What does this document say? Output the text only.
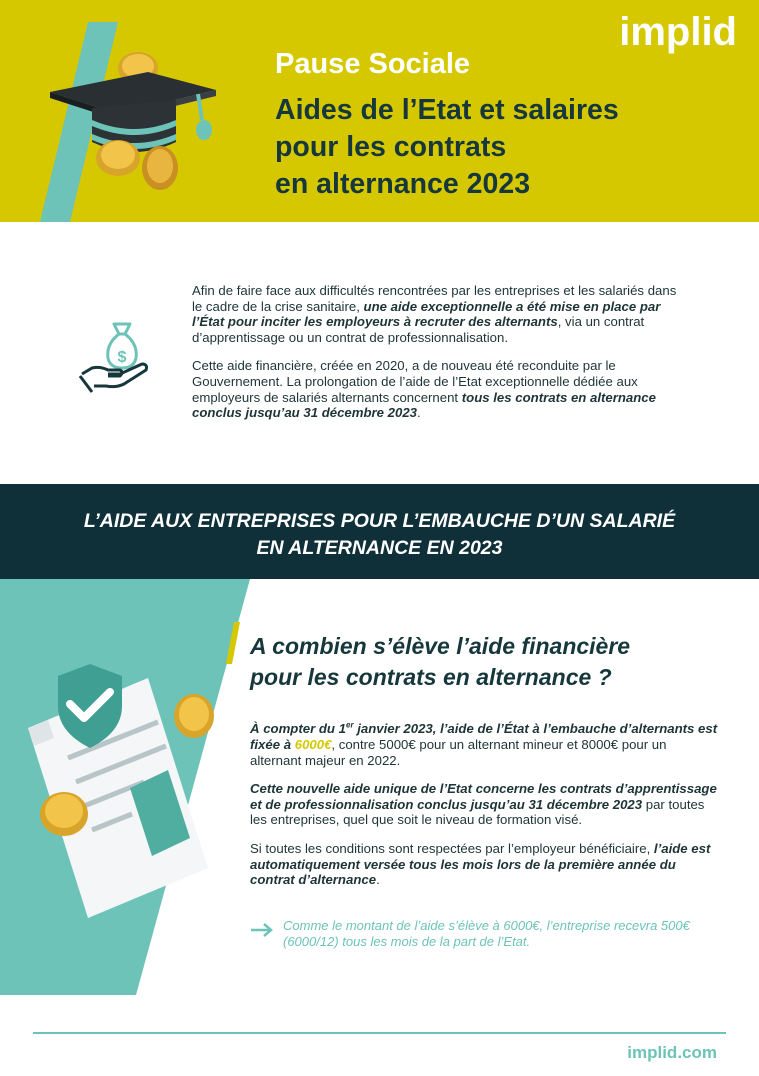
implid
Pause Sociale
Aides de l’Etat et salaires
pour les contrats
en alternance 2023
$

Afin de faire face aux difficultés rencontrées par les entreprises et les salariés dans le cadre de la crise sanitaire, une aide exceptionnelle a été mise en place par l’État pour inciter les employeurs à recruter des alternants, via un contrat d’apprentissage ou un contrat de professionnalisation.

Cette aide financière, créée en 2020, a de nouveau été reconduite par le Gouvernement. La prolongation de l’aide de l’Etat exceptionnelle dédiée aux employeurs de salariés alternants concernent tous les contrats en alternance conclus jusqu’au 31 décembre 2023.

L’AIDE AUX ENTREPRISES POUR L’EMBAUCHE D’UN SALARIÉ
EN ALTERNANCE EN 2023
A combien s’élève l’aide financière
pour les contrats en alternance ?

À compter du 1er janvier 2023, l’aide de l’État à l’embauche d’alternants est fixée à 6000€, contre 5000€ pour un alternant mineur et 8000€ pour un alternant majeur en 2022.

Cette nouvelle aide unique de l’Etat concerne les contrats d’apprentissage et de professionnalisation conclus jusqu’au 31 décembre 2023 par toutes les entreprises, quel que soit le niveau de formation visé.

Si toutes les conditions sont respectées par l’employeur bénéficiaire, l’aide est automatiquement versée tous les mois lors de la première année du contrat d’alternance.

Comme le montant de l’aide s’élève à 6000€, l’entreprise recevra 500€ (6000/12) tous les mois de la part de l’Etat.
implid.com
